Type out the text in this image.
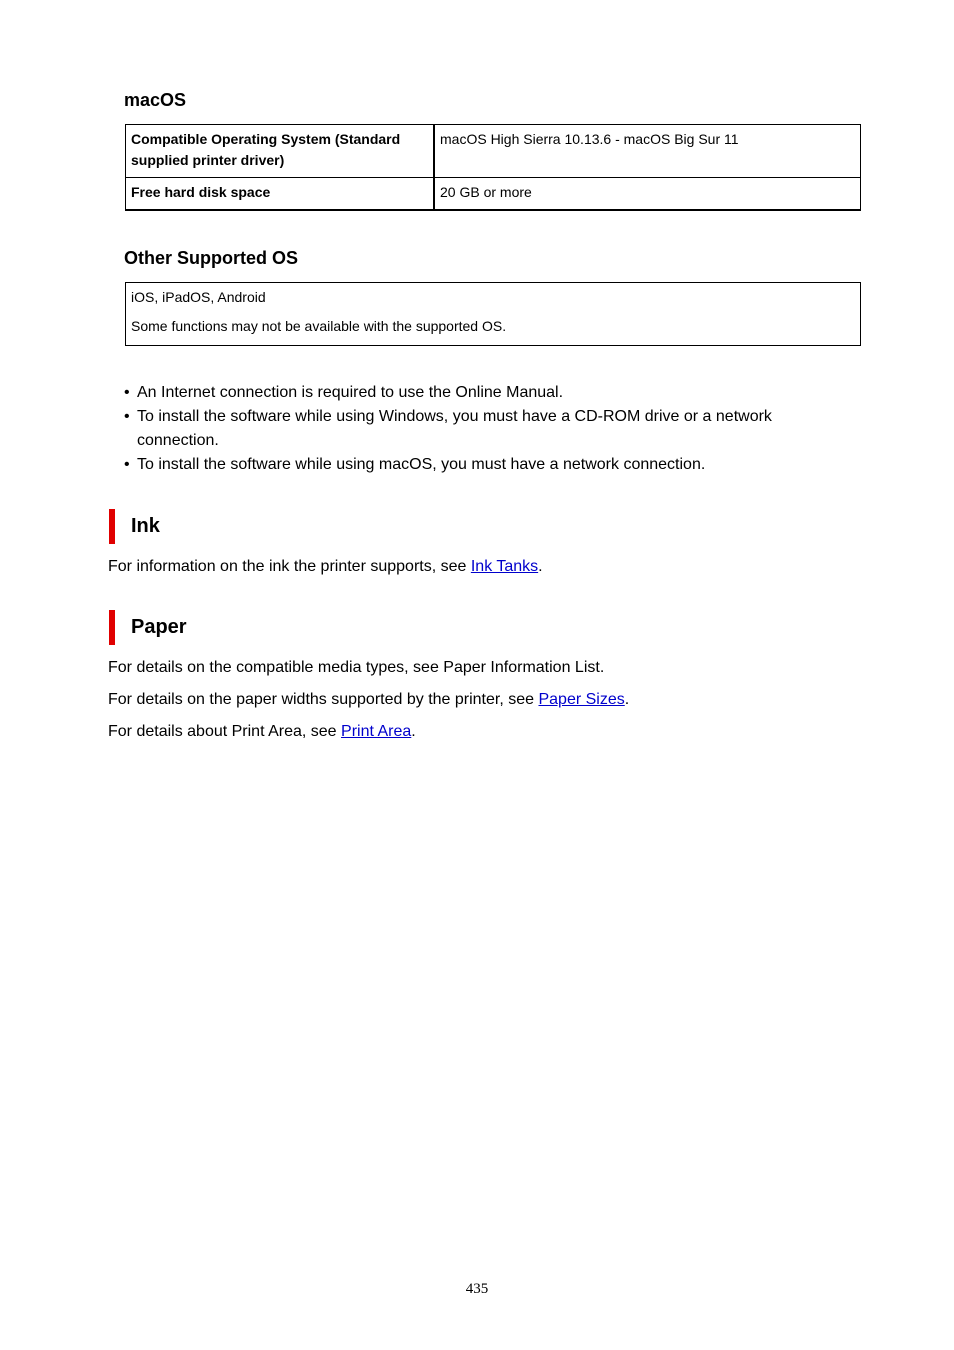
macOS
Compatible Operating System (Standard supplied printer driver)	macOS High Sierra 10.13.6 - macOS Big Sur 11
Free hard disk space	20 GB or more
Other Supported OS

iOS, iPadOS, Android

Some functions may not be available with the supported OS.

• An Internet connection is required to use the Online Manual.
• To install the software while using Windows, you must have a CD-ROM drive or a network connection.
• To install the software while using macOS, you must have a network connection.
Ink

For information on the ink the printer supports, see Ink Tanks.

Paper

For details on the compatible media types, see Paper Information List.

For details on the paper widths supported by the printer, see Paper Sizes.

For details about Print Area, see Print Area.

435
